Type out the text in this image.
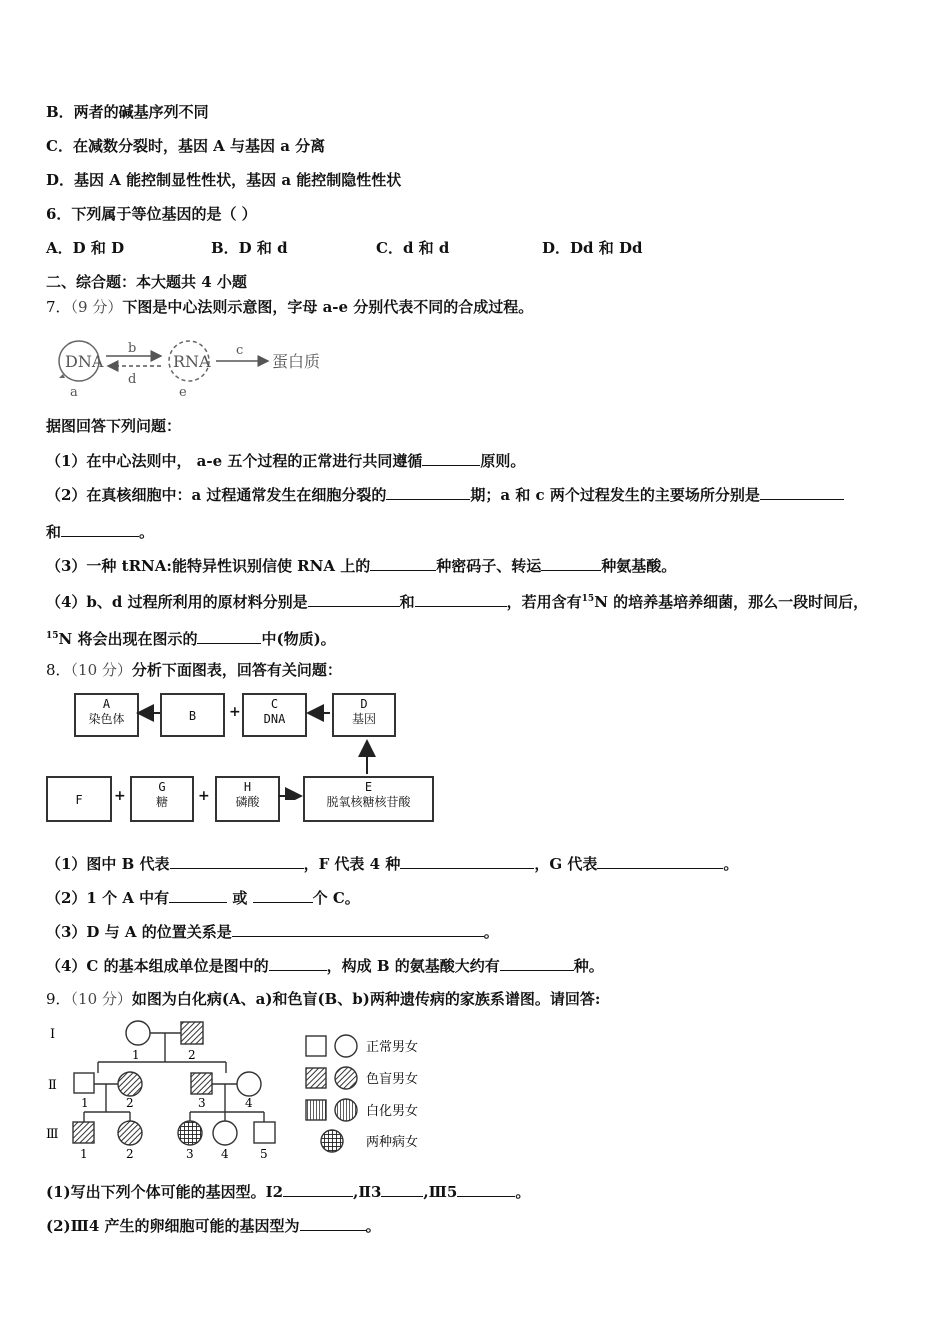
B．两者的碱基序列不同
C．在减数分裂时，基因 A 与基因 a 分离
D．基因 A 能控制显性性状，基因 a 能控制隐性性状
6．下列属于等位基因的是（ ）
A．D 和 D	B．D 和 d	C．d 和 d	D．Dd 和 Dd
二、综合题：本大题共 4 小题
7．（9 分）下图是中心法则示意图，字母 a-e 分别代表不同的合成过程。
DNA	RNA	蛋白质
b
d
c
a	e
据图回答下列问题：
（1）在中心法则中， a-e 五个过程的正常进行共同遵循	原则。
（2）在真核细胞中：a 过程通常发生在细胞分裂的	期；a 和 c 两个过程发生的主要场所分别是
和	。
（3）一种 tRNA:能特异性识别信使 RNA 上的	种密码子、转运	种氨基酸。
（4）b、d 过程所利用的原材料分别是	和	，若用含有$^{15}$N 的培养基培养细菌，那么一段时间后，
$^{15}$N 将会出现在图示的	中(物质)。
8．（10 分）分析下面图表，回答有关问题：
A
染色体	B
C
DNA
D
基因
F
G
糖
H
磷酸
E
脱氧核糖核苷酸
+
+	+
（1）图中 B 代表	，F 代表 4 种	，G 代表	。
（2）1 个 A 中有	或	个 C。
（3）D 与 A 的位置关系是	。
（4）C 的基本组成单位是图中的	，构成 B 的氨基酸大约有	种。
9．（10 分）如图为白化病(A、a)和色盲(B、b)两种遗传病的家族系谱图。请回答:
Ⅰ
Ⅱ
Ⅲ
1	2
1	2	3	4
1	2	3 4	5
正常男女
色盲男女
白化男女
两种病女
(1)写出下列个体可能的基因型。Ⅰ2	,Ⅱ3	,Ⅲ5	。
(2)Ⅲ4 产生的卵细胞可能的基因型为	。
